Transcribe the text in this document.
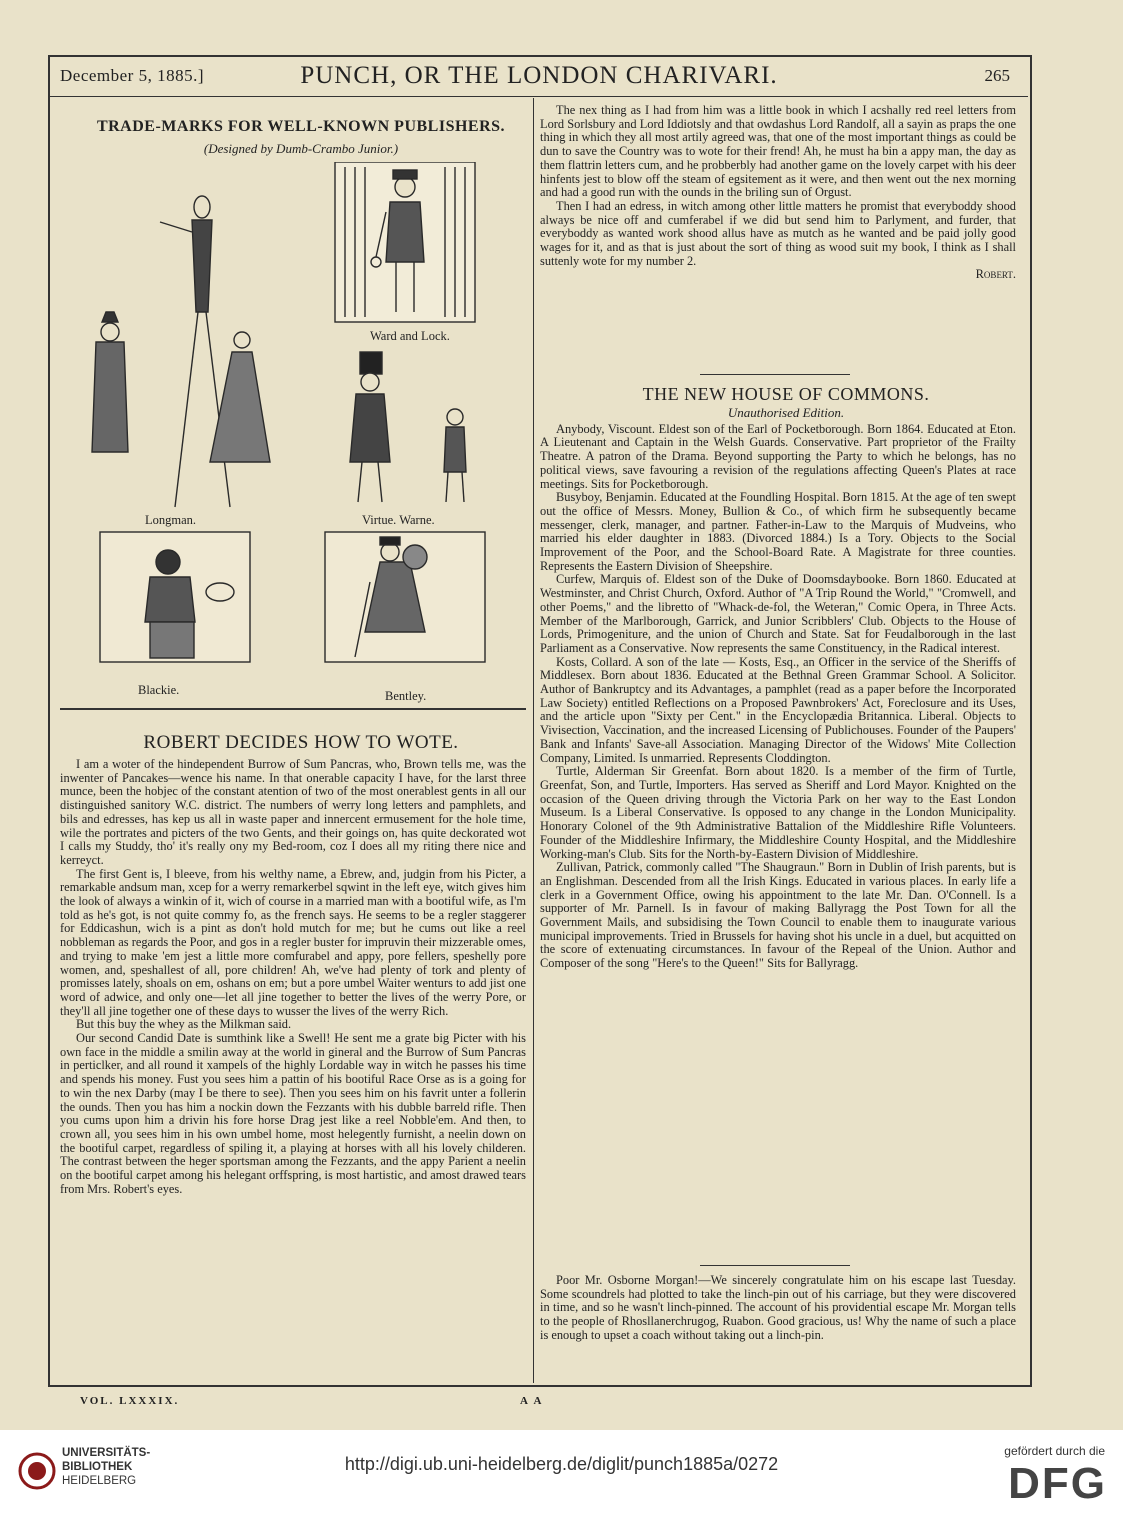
December 5, 1885.]	PUNCH, OR THE LONDON CHARIVARI.	265

TRADE-MARKS FOR WELL-KNOWN PUBLISHERS.

(Designed by Dumb-Crambo Junior.)

Ward and Lock.
Longman.	Virtue. Warne.
Blackie.	Bentley.

ROBERT DECIDES HOW TO WOTE.

I am a woter of the hindependent Burrow of Sum Pancras, who, Brown tells me, was the inwenter of Pancakes—wence his name. In that onerable capacity I have, for the larst three munce, been the hobjec of the constant atention of two of the most onerablest gents in all our distinguished sanitory W.C. district. The numbers of werry long letters and pamphlets, and bils and edresses, has kep us all in waste paper and innercent ermusement for the hole time, wile the portrates and picters of the two Gents, and their goings on, has quite deckorated wot I calls my Studdy, tho' it's really ony my Bed-room, coz I does all my riting there nice and kerreyct.

The first Gent is, I bleeve, from his welthy name, a Ebrew, and, judgin from his Picter, a remarkable andsum man, xcep for a werry remarkerbel sqwint in the left eye, witch gives him the look of always a winkin of it, wich of course in a married man with a bootiful wife, as I'm told as he's got, is not quite commy fo, as the french says. He seems to be a regler staggerer for Eddicashun, wich is a pint as don't hold mutch for me; but he cums out like a reel nobbleman as regards the Poor, and gos in a regler buster for impruvin their mizzerable omes, and trying to make 'em jest a little more comfurabel and appy, pore fellers, speshelly pore women, and, speshallest of all, pore children! Ah, we've had plenty of tork and plenty of promisses lately, shoals on em, oshans on em; but a pore umbel Waiter wenturs to add jist one word of adwice, and only one—let all jine together to better the lives of the werry Pore, or they'll all jine together one of these days to wusser the lives of the werry Rich.

But this buy the whey as the Milkman said.

Our second Candid Date is sumthink like a Swell! He sent me a grate big Picter with his own face in the middle a smilin away at the world in gineral and the Burrow of Sum Pancras in perticlker, and all round it xampels of the highly Lordable way in witch he passes his time and spends his money. Fust you sees him a pattin of his bootiful Race Orse as is a going for to win the nex Darby (may I be there to see). Then you sees him on his favrit unter a follerin the ounds. Then you has him a nockin down the Fezzants with his dubble barreld rifle. Then you cums upon him a drivin his fore horse Drag jest like a reel Nobble'em. And then, to crown all, you sees him in his own umbel home, most helegently furnisht, a neelin down on the bootiful carpet, regardless of spiling it, a playing at horses with all his lovely childeren. The contrast between the heger sportsman among the Fezzants, and the appy Parient a neelin on the bootiful carpet among his helegant orffspring, is most hartistic, and amost drawed tears from Mrs. Robert's eyes.

The nex thing as I had from him was a little book in which I acshally red reel letters from Lord Sorlsbury and Lord Iddiotsly and that owdashus Lord Randolf, all a sayin as praps the one thing in which they all most artily agreed was, that one of the most important things as could be dun to save the Country was to wote for their frend! Ah, he must ha bin a appy man, the day as them flattrin letters cum, and he probberbly had another game on the lovely carpet with his deer hinfents jest to blow off the steam of egsitement as it were, and then went out the nex morning and had a good run with the ounds in the briling sun of Orgust.

Then I had an edress, in witch among other little matters he promist that everyboddy shood always be nice off and cumferabel if we did but send him to Parlyment, and furder, that everyboddy as wanted work shood allus have as mutch as he wanted and be paid jolly good wages for it, and as that is just about the sort of thing as wood suit my book, I think as I shall suttenly wote for my number 2.

Robert.

THE NEW HOUSE OF COMMONS.

Unauthorised Edition.

Anybody, Viscount. Eldest son of the Earl of Pocketborough. Born 1864. Educated at Eton. A Lieutenant and Captain in the Welsh Guards. Conservative. Part proprietor of the Frailty Theatre. A patron of the Drama. Beyond supporting the Party to which he belongs, has no political views, save favouring a revision of the regulations affecting Queen's Plates at race meetings. Sits for Pocketborough.

Busyboy, Benjamin. Educated at the Foundling Hospital. Born 1815. At the age of ten swept out the office of Messrs. Money, Bullion & Co., of which firm he subsequently became messenger, clerk, manager, and partner. Father-in-Law to the Marquis of Mudveins, who married his elder daughter in 1883. (Divorced 1884.) Is a Tory. Objects to the Social Improvement of the Poor, and the School-Board Rate. A Magistrate for three counties. Represents the Eastern Division of Sheepshire.

Curfew, Marquis of. Eldest son of the Duke of Doomsdaybooke. Born 1860. Educated at Westminster, and Christ Church, Oxford. Author of "A Trip Round the World," "Cromwell, and other Poems," and the libretto of "Whack-de-fol, the Weteran," Comic Opera, in Three Acts. Member of the Marlborough, Garrick, and Junior Scribblers' Club. Objects to the House of Lords, Primogeniture, and the union of Church and State. Sat for Feudalborough in the last Parliament as a Conservative. Now represents the same Constituency, in the Radical interest.

Kosts, Collard. A son of the late — Kosts, Esq., an Officer in the service of the Sheriffs of Middlesex. Born about 1836. Educated at the Bethnal Green Grammar School. A Solicitor. Author of Bankruptcy and its Advantages, a pamphlet (read as a paper before the Incorporated Law Society) entitled Reflections on a Proposed Pawnbrokers' Act, Foreclosure and its Uses, and the article upon "Sixty per Cent." in the Encyclopædia Britannica. Liberal. Objects to Vivisection, Vaccination, and the increased Licensing of Publichouses. Founder of the Paupers' Bank and Infants' Save-all Association. Managing Director of the Widows' Mite Collection Company, Limited. Is unmarried. Represents Cloddington.

Turtle, Alderman Sir Greenfat. Born about 1820. Is a member of the firm of Turtle, Greenfat, Son, and Turtle, Importers. Has served as Sheriff and Lord Mayor. Knighted on the occasion of the Queen driving through the Victoria Park on her way to the East London Museum. Is a Liberal Conservative. Is opposed to any change in the London Municipality. Honorary Colonel of the 9th Administrative Battalion of the Middleshire Rifle Volunteers. Founder of the Middleshire Infirmary, the Middleshire County Hospital, and the Middleshire Working-man's Club. Sits for the North-by-Eastern Division of Middleshire.

Zullivan, Patrick, commonly called "The Shaugraun." Born in Dublin of Irish parents, but is an Englishman. Descended from all the Irish Kings. Educated in various places. In early life a clerk in a Government Office, owing his appointment to the late Mr. Dan. O'Connell. Is a supporter of Mr. Parnell. Is in favour of making Ballyragg the Post Town for all the Government Mails, and subsidising the Town Council to enable them to inaugurate various municipal improvements. Tried in Brussels for having shot his uncle in a duel, but acquitted on the score of extenuating circumstances. In favour of the Repeal of the Union. Author and Composer of the song "Here's to the Queen!" Sits for Ballyragg.

Poor Mr. Osborne Morgan!—We sincerely congratulate him on his escape last Tuesday. Some scoundrels had plotted to take the linch-pin out of his carriage, but they were discovered in time, and so he wasn't linch-pinned. The account of his providential escape Mr. Morgan tells to the people of Rhosllanerchrugog, Ruabon. Good gracious, us! Why the name of such a place is enough to upset a coach without taking out a linch-pin.

VOL. LXXXIX.	A A
UNIVERSITÄTS-
BIBLIOTHEK
HEIDELBERG
http://digi.ub.uni-heidelberg.de/diglit/punch1885a/0272
gefördert durch die
DFG
